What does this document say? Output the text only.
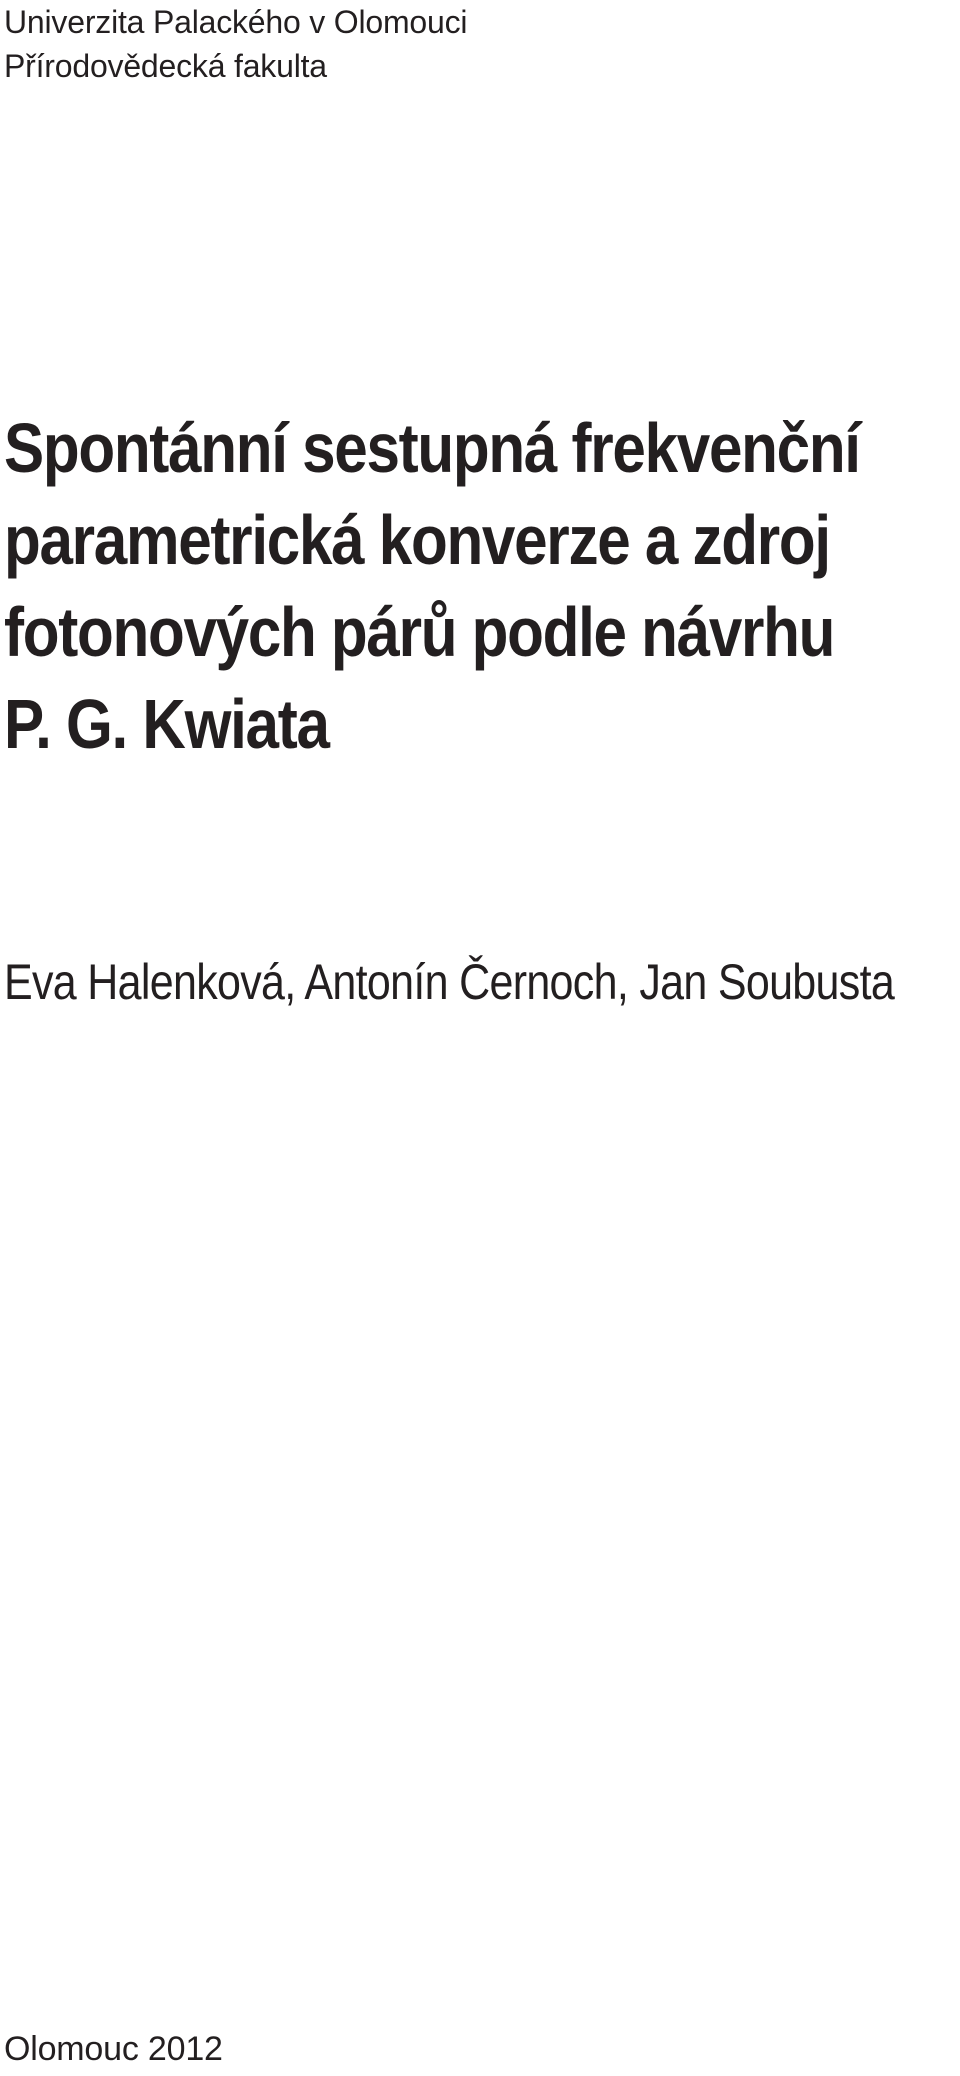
Univerzita Palackého v Olomouci
Přírodovědecká fakulta
Spontánní sestupná frekvenční
parametrická konverze a zdroj
fotonových párů podle návrhu
P. G. Kwiata
Eva Halenková, Antonín Černoch, Jan Soubusta
Olomouc 2012
